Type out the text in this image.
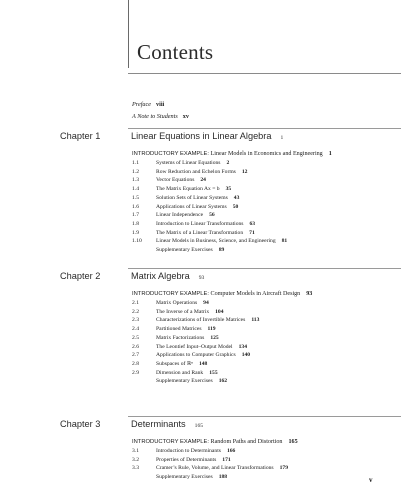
Contents
Preface viii
A Note to Students xv
Chapter 1	Linear Equations in Linear Algebra 1
INTRODUCTORY EXAMPLE: Linear Models in Economics and Engineering 1
1.1	Systems of Linear Equations 2
1.2	Row Reduction and Echelon Forms 12
1.3	Vector Equations 24
1.4	The Matrix Equation Ax = b 35
1.5	Solution Sets of Linear Systems 43
1.6	Applications of Linear Systems 50
1.7	Linear Independence 56
1.8	Introduction to Linear Transformations 63
1.9	The Matrix of a Linear Transformation 71
1.10	Linear Models in Business, Science, and Engineering 81
Supplementary Exercises 89
Chapter 2	Matrix Algebra 93
INTRODUCTORY EXAMPLE: Computer Models in Aircraft Design 93
2.1	Matrix Operations 94
2.2	The Inverse of a Matrix 104
2.3	Characterizations of Invertible Matrices 113
2.4	Partitioned Matrices 119
2.5	Matrix Factorizations 125
2.6	The Leontief Input–Output Model 134
2.7	Applications to Computer Graphics 140
2.8	Subspaces of ℝⁿ 148
2.9	Dimension and Rank 155
Supplementary Exercises 162
Chapter 3	Determinants 165
INTRODUCTORY EXAMPLE: Random Paths and Distortion 165
3.1	Introduction to Determinants 166
3.2	Properties of Determinants 171
3.3	Cramer’s Rule, Volume, and Linear Transformations 179
Supplementary Exercises 188	v
